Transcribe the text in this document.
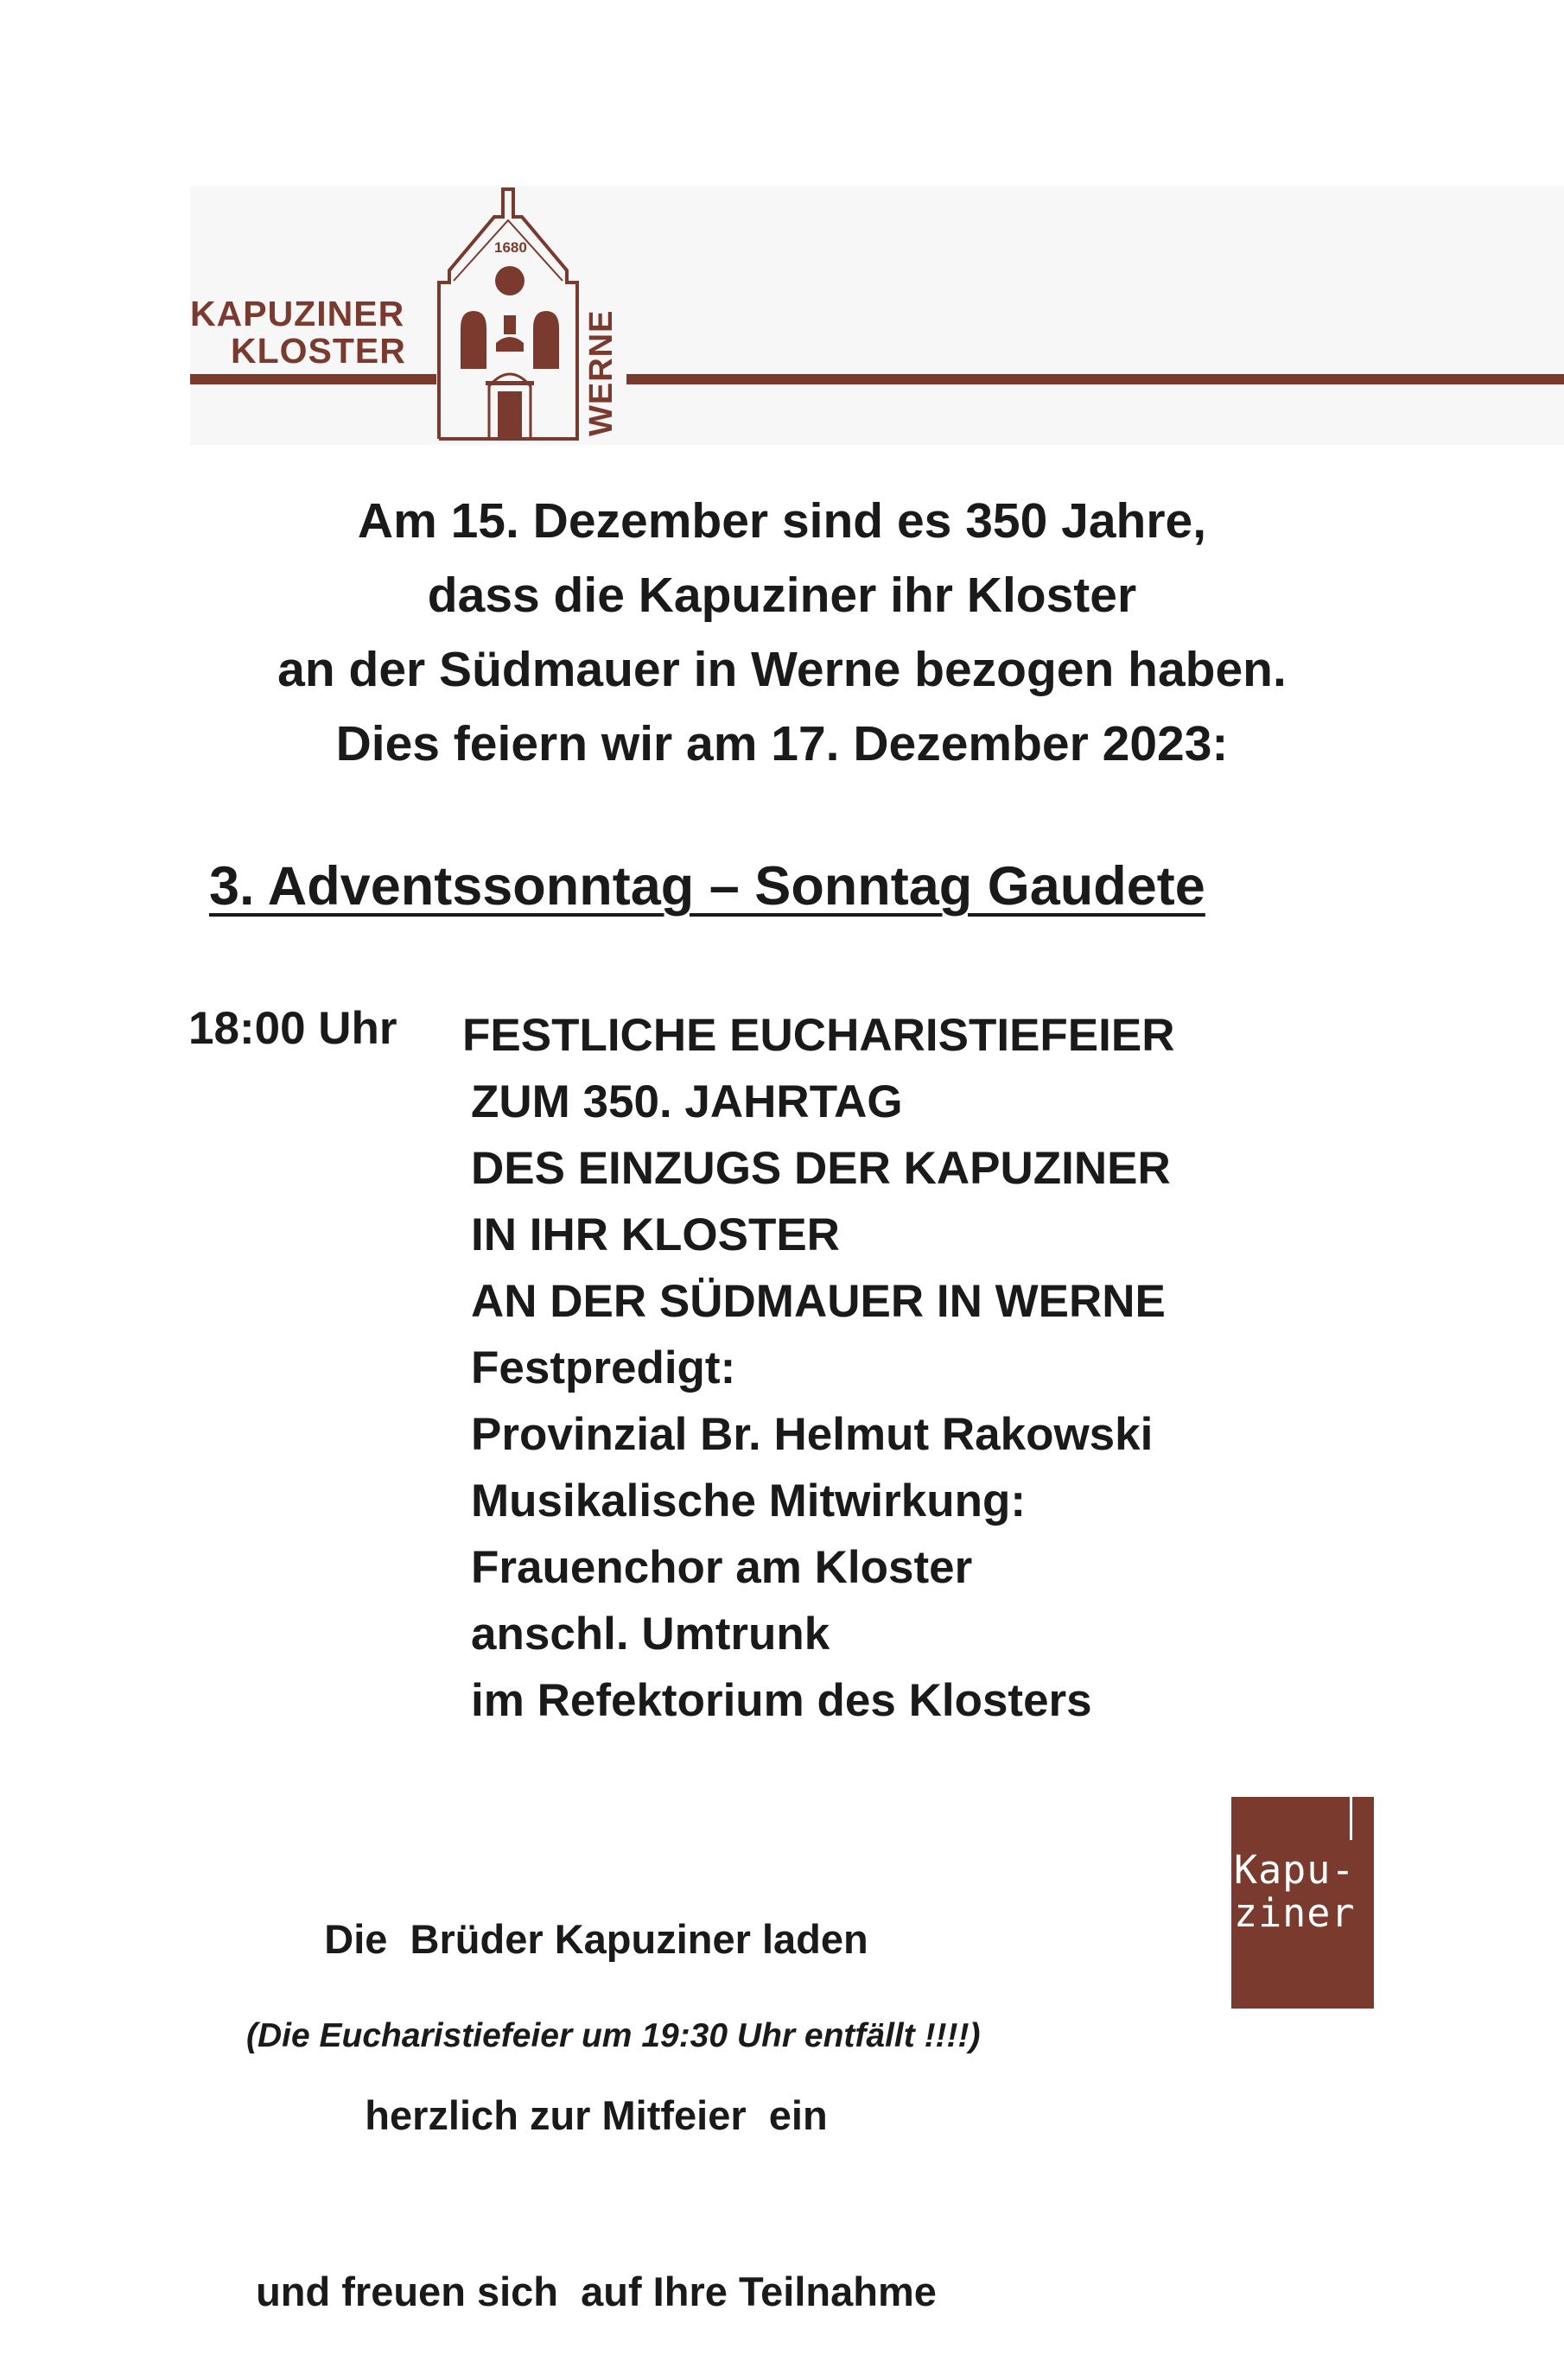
KAPUZINER
KLOSTER
1680
WERNE
Am 15. Dezember sind es 350 Jahre,
dass die Kapuziner ihr Kloster
an der Südmauer in Werne bezogen haben.
Dies feiern wir am 17. Dezember 2023:
3. Adventssonntag – Sonntag Gaudete
18:00 Uhr FESTLICHE EUCHARISTIEFEIER
ZUM 350. JAHRTAG
DES EINZUGS DER KAPUZINER
IN IHR KLOSTER
AN DER SÜDMAUER IN WERNE
Festpredigt:
Provinzial Br. Helmut Rakowski
Musikalische Mitwirkung:
Frauenchor am Kloster
anschl. Umtrunk
im Refektorium des Klosters

Die  Brüder Kapuziner laden

herzlich zur Mitfeier  ein

und freuen sich  auf Ihre Teilnahme

Kapu-
ziner
(Die Eucharistiefeier um 19:30 Uhr entfällt !!!!)
